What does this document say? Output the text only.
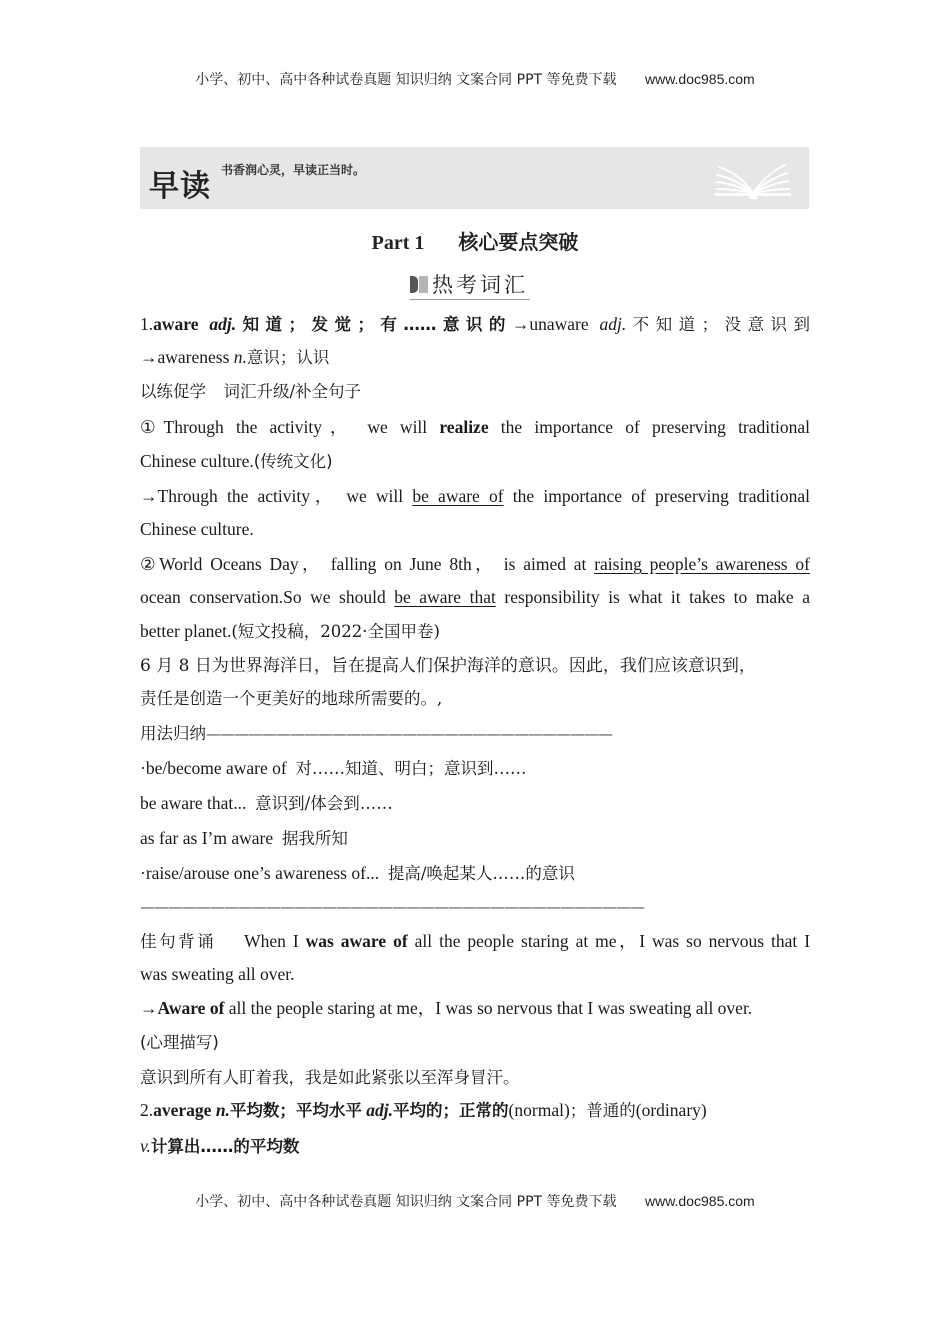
小学、初中、高中各种试卷真题 知识归纳 文案合同 PPT 等免费下载 www.doc985.com
早读 书香润心灵，早读正当时。
Part 1 核心要点突破
热考词汇
1.aware adj.知道；发觉；有……意识的→unaware adj.不知道；没意识到
→awareness n.意识；认识
以练促学 词汇升级/补全句子
①Through the activity， we will realize the importance of preserving traditional
Chinese culture.(传统文化)
→Through the activity， we will be aware of the importance of preserving traditional
Chinese culture.
②World Oceans Day， falling on June 8th， is aimed at raising people’s awareness of
ocean conservation.So we should be aware that responsibility is what it takes to make a
better planet.(短文投稿，2022·全国甲卷)
6 月 8 日为世界海洋日，旨在提高人们保护海洋的意识。因此，我们应该意识到，
责任是创造一个更美好的地球所需要的。,
用法归纳—————————————————————————————
·be/become aware of 对……知道、明白；意识到……
be aware that... 意识到/体会到……
as far as I’m aware 据我所知
·raise/arouse one’s awareness of... 提高/唤起某人……的意识
————————————————————————————————————
佳句背诵 When I was aware of all the people staring at me，I was so nervous that I
was sweating all over.
→Aware of all the people staring at me，I was so nervous that I was sweating all over.
(心理描写)
意识到所有人盯着我，我是如此紧张以至浑身冒汗。
2.average n.平均数；平均水平 adj.平均的；正常的(normal)；普通的(ordinary)
v.计算出……的平均数
小学、初中、高中各种试卷真题 知识归纳 文案合同 PPT 等免费下载 www.doc985.com
